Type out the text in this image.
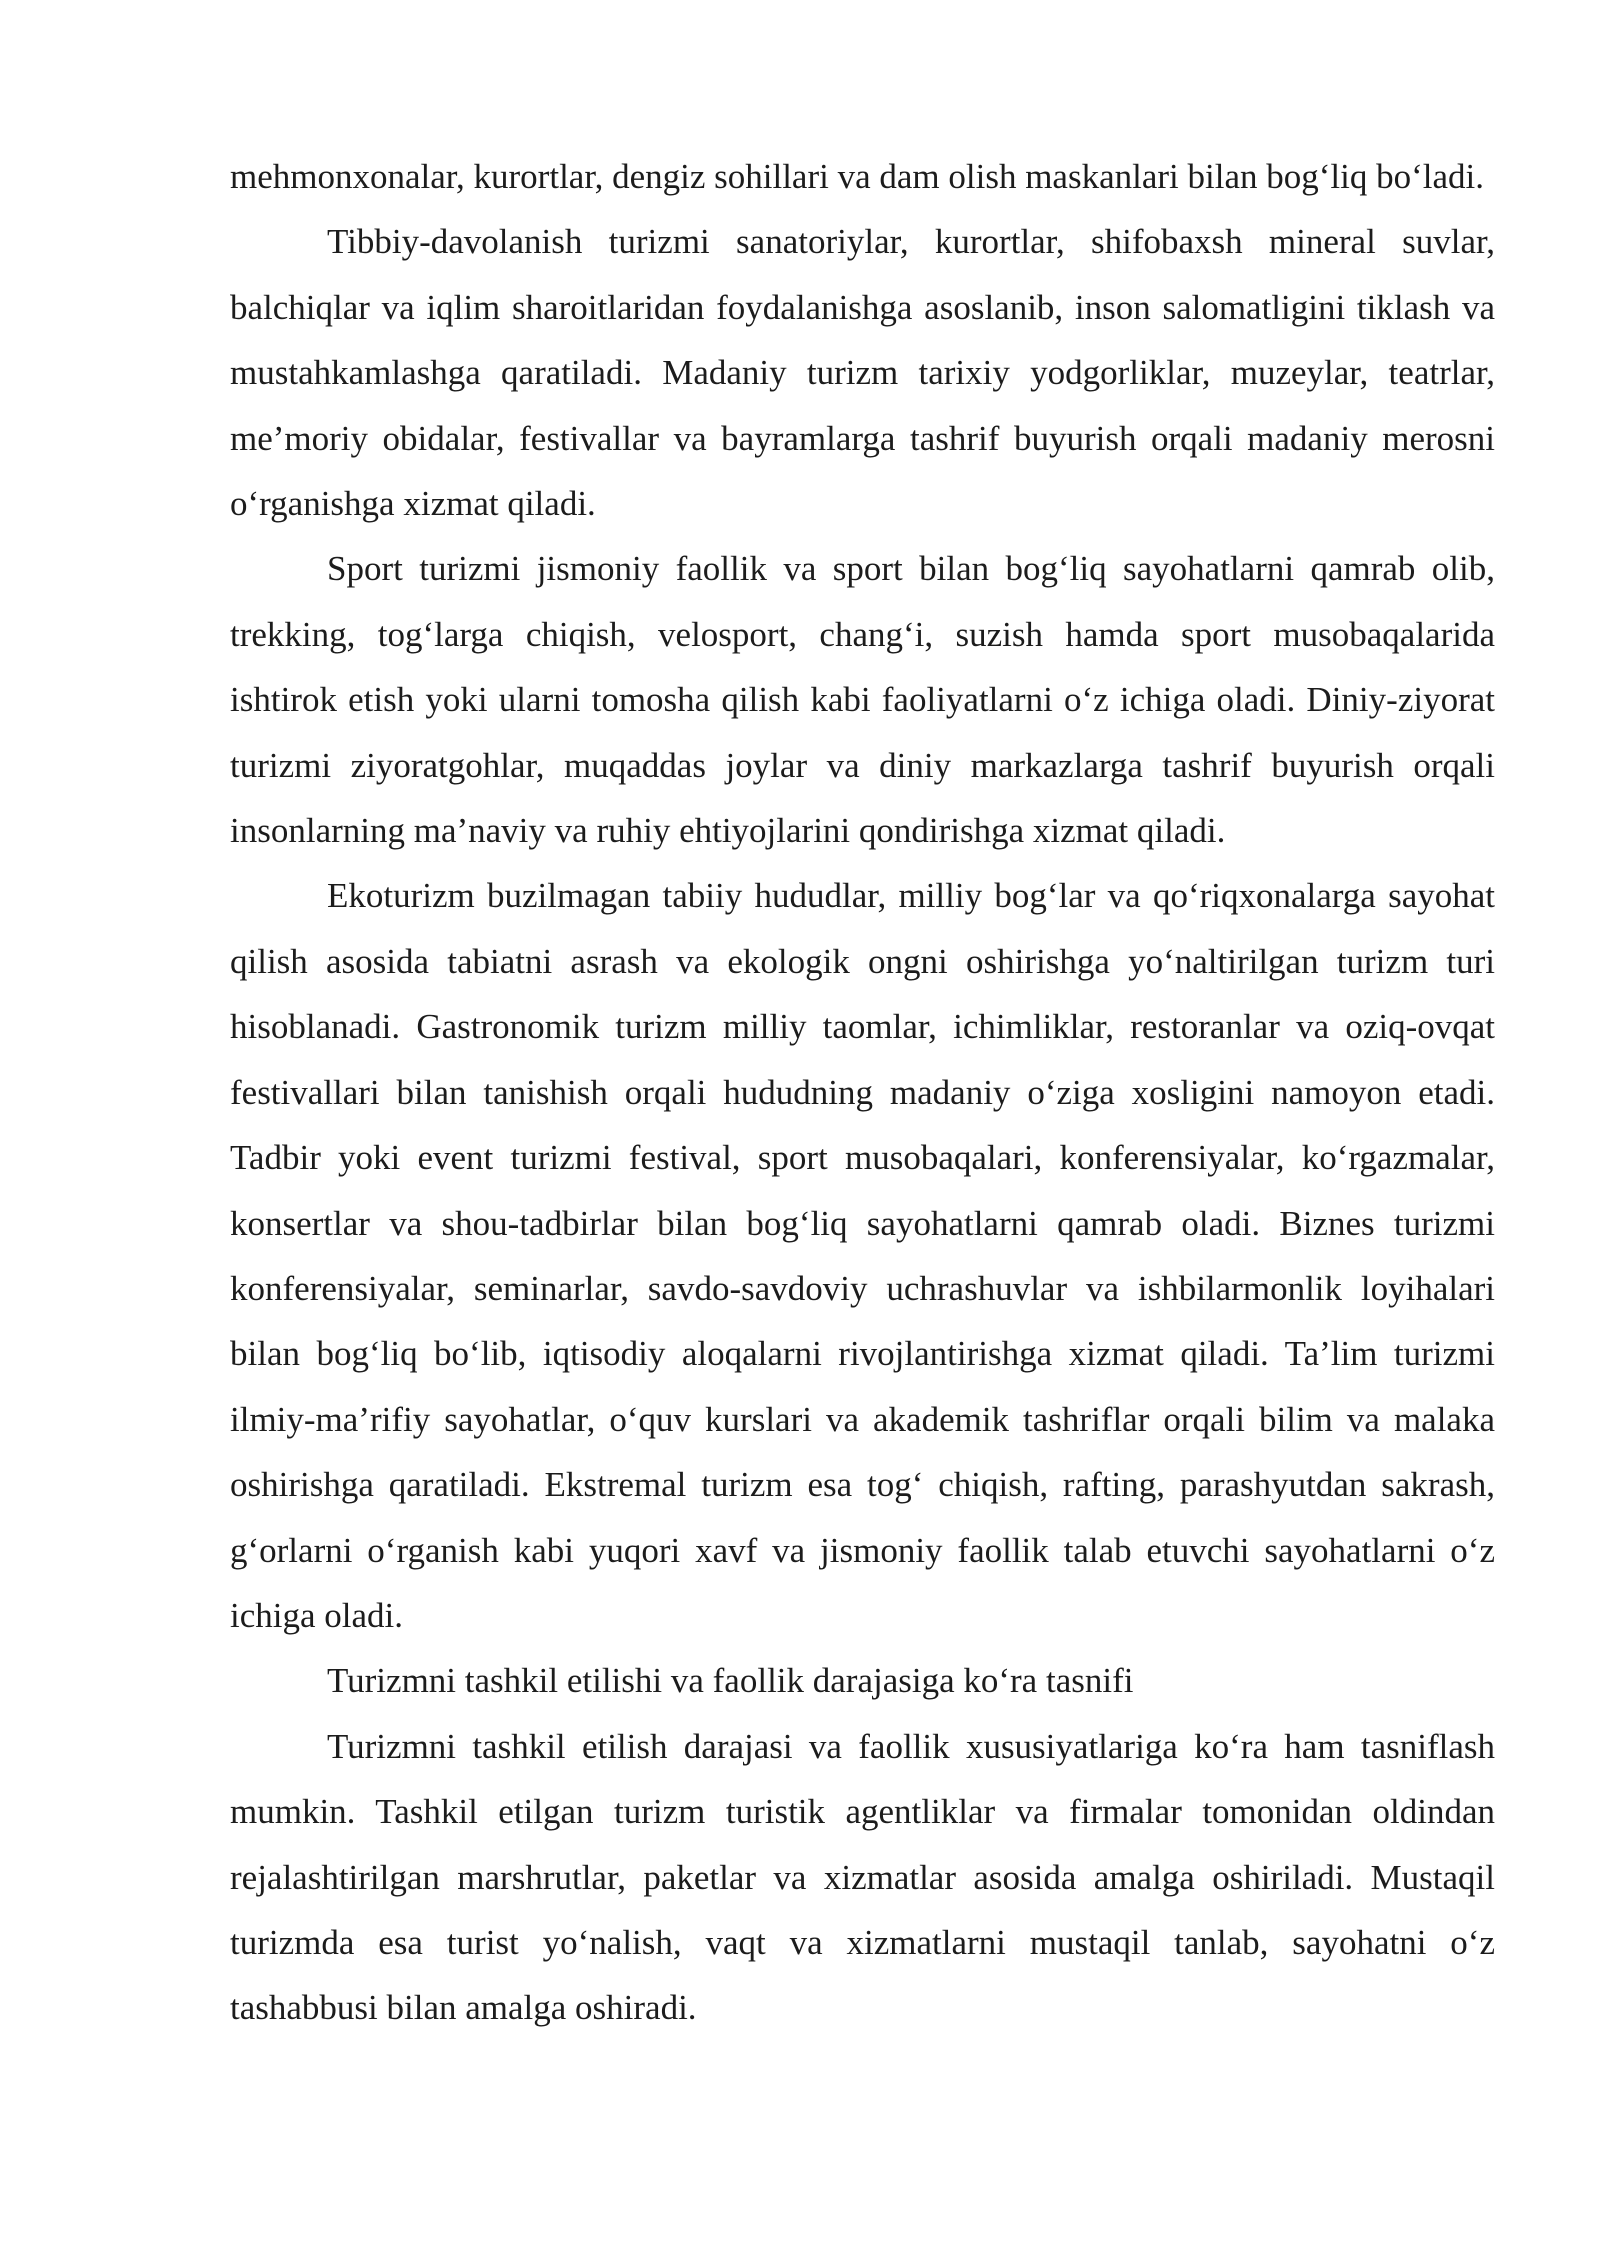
mehmonxonalar, kurortlar, dengiz sohillari va dam olish maskanlari bilan bog‘liq bo‘ladi.

Tibbiy-davolanish turizmi sanatoriylar, kurortlar, shifobaxsh mineral suvlar, balchiqlar va iqlim sharoitlaridan foydalanishga asoslanib, inson salomatligini tiklash va mustahkamlashga qaratiladi. Madaniy turizm tarixiy yodgorliklar, muzeylar, teatrlar, me’moriy obidalar, festivallar va bayramlarga tashrif buyurish orqali madaniy merosni o‘rganishga xizmat qiladi.

Sport turizmi jismoniy faollik va sport bilan bog‘liq sayohatlarni qamrab olib, trekking, tog‘larga chiqish, velosport, chang‘i, suzish hamda sport musobaqalarida ishtirok etish yoki ularni tomosha qilish kabi faoliyatlarni o‘z ichiga oladi. Diniy-ziyorat turizmi ziyoratgohlar, muqaddas joylar va diniy markazlarga tashrif buyurish orqali insonlarning ma’naviy va ruhiy ehtiyojlarini qondirishga xizmat qiladi.

Ekoturizm buzilmagan tabiiy hududlar, milliy bog‘lar va qo‘riqxonalarga sayohat qilish asosida tabiatni asrash va ekologik ongni oshirishga yo‘naltirilgan turizm turi hisoblanadi. Gastronomik turizm milliy taomlar, ichimliklar, restoranlar va oziq-ovqat festivallari bilan tanishish orqali hududning madaniy o‘ziga xosligini namoyon etadi. Tadbir yoki event turizmi festival, sport musobaqalari, konferensiyalar, ko‘rgazmalar, konsertlar va shou-tadbirlar bilan bog‘liq sayohatlarni qamrab oladi. Biznes turizmi konferensiyalar, seminarlar, savdo-savdoviy uchrashuvlar va ishbilarmonlik loyihalari bilan bog‘liq bo‘lib, iqtisodiy aloqalarni rivojlantirishga xizmat qiladi. Ta’lim turizmi ilmiy-ma’rifiy sayohatlar, o‘quv kurslari va akademik tashriflar orqali bilim va malaka oshirishga qaratiladi. Ekstremal turizm esa tog‘ chiqish, rafting, parashyutdan sakrash, g‘orlarni o‘rganish kabi yuqori xavf va jismoniy faollik talab etuvchi sayohatlarni o‘z ichiga oladi.

Turizmni tashkil etilishi va faollik darajasiga ko‘ra tasnifi

Turizmni tashkil etilish darajasi va faollik xususiyatlariga ko‘ra ham tasniflash mumkin. Tashkil etilgan turizm turistik agentliklar va firmalar tomonidan oldindan rejalashtirilgan marshrutlar, paketlar va xizmatlar asosida amalga oshiriladi. Mustaqil turizmda esa turist yo‘nalish, vaqt va xizmatlarni mustaqil tanlab, sayohatni o‘z tashabbusi bilan amalga oshiradi.
